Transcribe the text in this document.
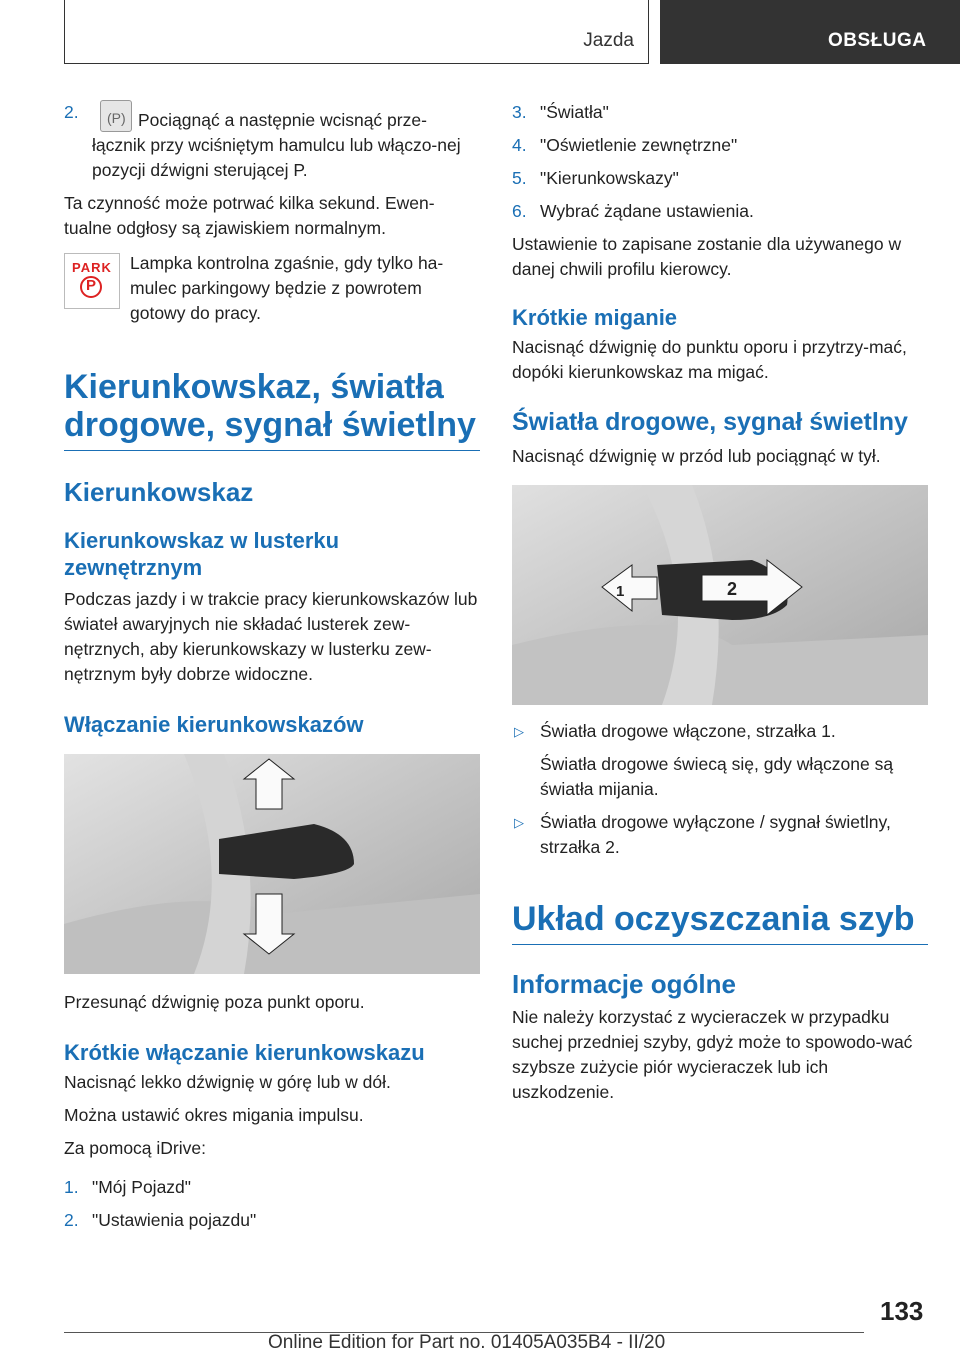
Jazda	OBSŁUGA
2.	(P) Pociągnąć a następnie wcisnąć prze- łącznik przy wciśniętym hamulcu lub włączo-nej pozycji dźwigni sterującej P.

Ta czynność może potrwać kilka sekund. Ewen-tualne odgłosy są zjawiskiem normalnym.

PARK
P

Lampka kontrolna zgaśnie, gdy tylko ha-mulec parkingowy będzie z powrotem gotowy do pracy.

Kierunkowskaz, światła drogowe, sygnał świetlny
Kierunkowskaz
Kierunkowskaz w lusterku zewnętrznym

Podczas jazdy i w trakcie pracy kierunkowskazów lub świateł awaryjnych nie składać lusterek zew-nętrznych, aby kierunkowskazy w lusterku zew-nętrznym były dobrze widoczne.

Włączanie kierunkowskazów

Przesunąć dźwignię poza punkt oporu.

Krótkie włączanie kierunkowskazu

Nacisnąć lekko dźwignię w górę lub w dół.

Można ustawić okres migania impulsu.

Za pomocą iDrive:

1. "Mój Pojazd"
2. "Ustawienia pojazdu"
3. "Światła"
4. "Oświetlenie zewnętrzne"
5. "Kierunkowskazy"
6. Wybrać żądane ustawienia.

Ustawienie to zapisane zostanie dla używanego w danej chwili profilu kierowcy.

Krótkie miganie

Nacisnąć dźwignię do punktu oporu i przytrzy-mać, dopóki kierunkowskaz ma migać.

Światła drogowe, sygnał świetlny

Nacisnąć dźwignię w przód lub pociągnąć w tył.

1	2
▷ Światła drogowe włączone, strzałka 1.
Światła drogowe świecą się, gdy włączone są światła mijania.
▷ Światła drogowe wyłączone / sygnał świetlny, strzałka 2.
Układ oczyszczania szyb
Informacje ogólne

Nie należy korzystać z wycieraczek w przypadku suchej przedniej szyby, gdyż może to spowodo-wać szybsze zużycie piór wycieraczek lub ich uszkodzenie.

133
Online Edition for Part no. 01405A035B4 - II/20
